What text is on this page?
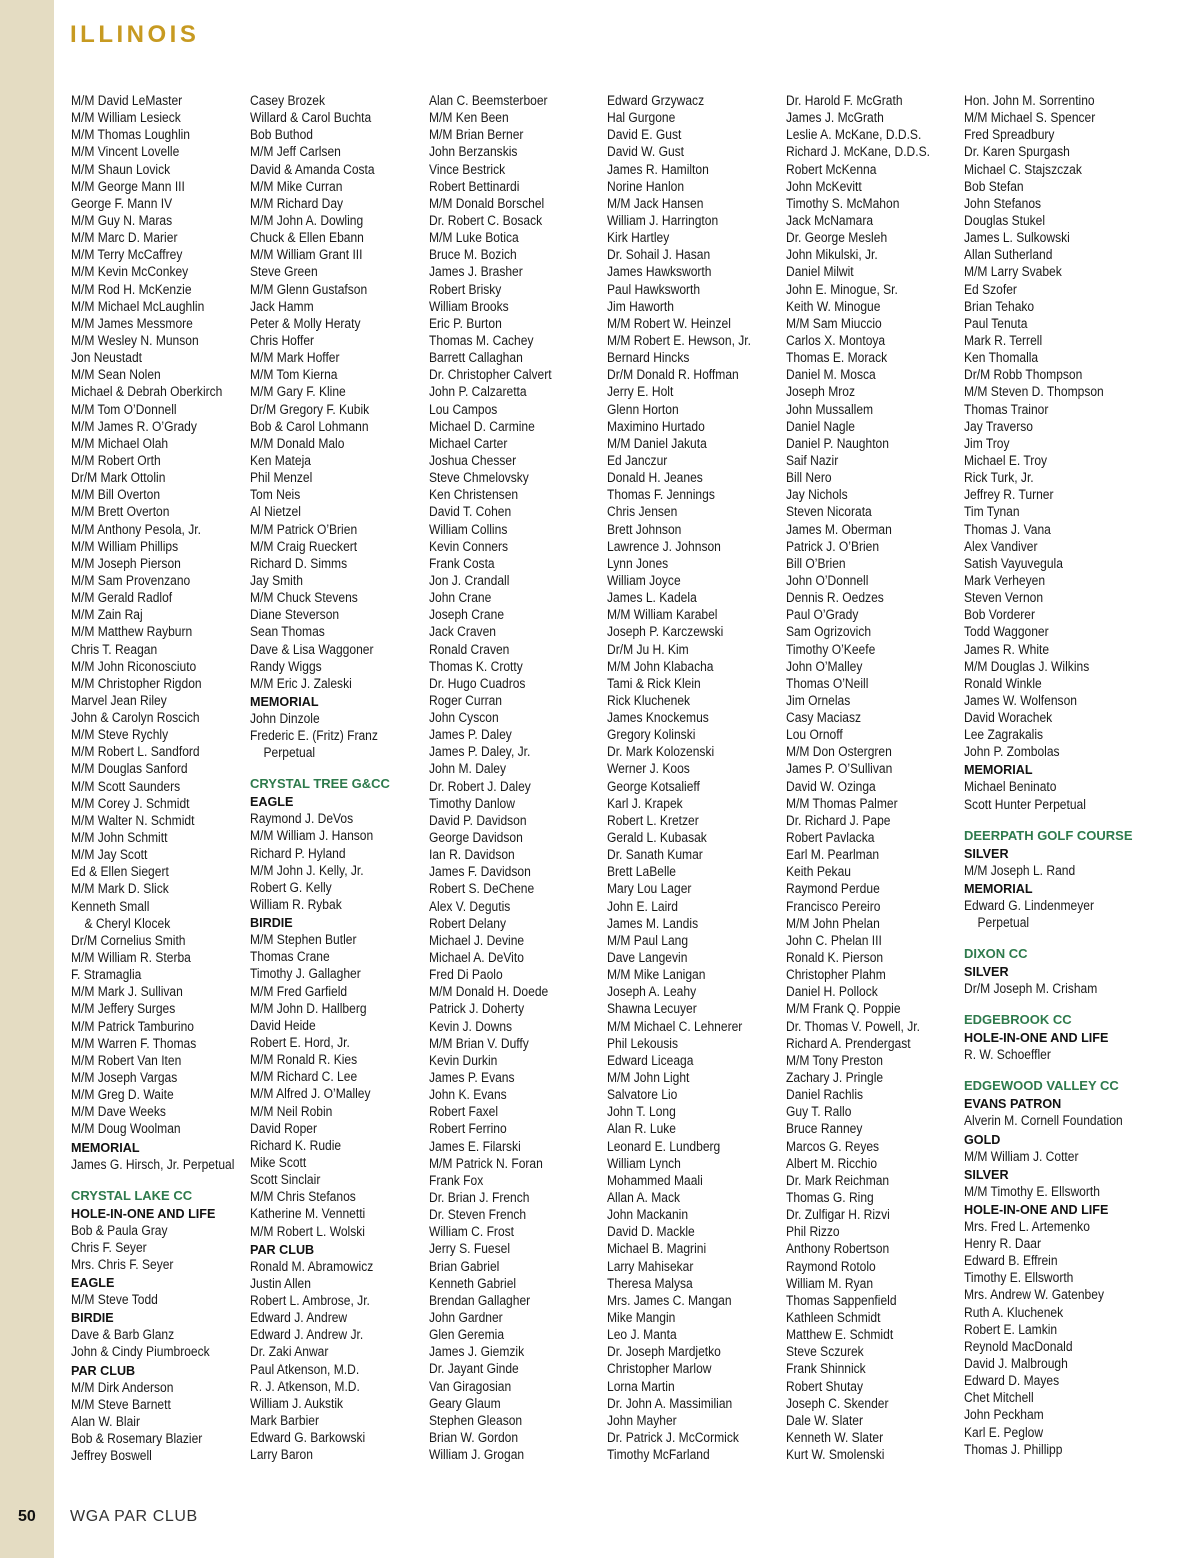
ILLINOIS
M/M David LeMaster
M/M William Lesieck
M/M Thomas Loughlin
M/M Vincent Lovelle
M/M Shaun Lovick
M/M George Mann III
George F. Mann IV
M/M Guy N. Maras
M/M Marc D. Marier
M/M Terry McCaffrey
M/M Kevin McConkey
M/M Rod H. McKenzie
M/M Michael McLaughlin
M/M James Messmore
M/M Wesley N. Munson
Jon Neustadt
M/M Sean Nolen
Michael & Debrah Oberkirch
M/M Tom O’Donnell
M/M James R. O’Grady
M/M Michael Olah
M/M Robert Orth
Dr/M Mark Ottolin
M/M Bill Overton
M/M Brett Overton
M/M Anthony Pesola, Jr.
M/M William Phillips
M/M Joseph Pierson
M/M Sam Provenzano
M/M Gerald Radlof
M/M Zain Raj
M/M Matthew Rayburn
Chris T. Reagan
M/M John Riconosciuto
M/M Christopher Rigdon
Marvel Jean Riley
John & Carolyn Roscich
M/M Steve Rychly
M/M Robert L. Sandford
M/M Douglas Sanford
M/M Scott Saunders
M/M Corey J. Schmidt
M/M Walter N. Schmidt
M/M John Schmitt
M/M Jay Scott
Ed & Ellen Siegert
M/M Mark D. Slick
Kenneth Small
& Cheryl Klocek
Dr/M Cornelius Smith
M/M William R. Sterba
F. Stramaglia
M/M Mark J. Sullivan
M/M Jeffery Surges
M/M Patrick Tamburino
M/M Warren F. Thomas
M/M Robert Van Iten
M/M Joseph Vargas
M/M Greg D. Waite
M/M Dave Weeks
M/M Doug Woolman
MEMORIAL
James G. Hirsch, Jr. Perpetual
CRYSTAL LAKE CC
HOLE-IN-ONE AND LIFE
Bob & Paula Gray
Chris F. Seyer
Mrs. Chris F. Seyer
EAGLE
M/M Steve Todd
BIRDIE
Dave & Barb Glanz
John & Cindy Piumbroeck
PAR CLUB
M/M Dirk Anderson
M/M Steve Barnett
Alan W. Blair
Bob & Rosemary Blazier
Jeffrey Boswell
Casey Brozek
Willard & Carol Buchta
Bob Buthod
M/M Jeff Carlsen
David & Amanda Costa
M/M Mike Curran
M/M Richard Day
M/M John A. Dowling
Chuck & Ellen Ebann
M/M William Grant III
Steve Green
M/M Glenn Gustafson
Jack Hamm
Peter & Molly Heraty
Chris Hoffer
M/M Mark Hoffer
M/M Tom Kierna
M/M Gary F. Kline
Dr/M Gregory F. Kubik
Bob & Carol Lohmann
M/M Donald Malo
Ken Mateja
Phil Menzel
Tom Neis
Al Nietzel
M/M Patrick O’Brien
M/M Craig Rueckert
Richard D. Simms
Jay Smith
M/M Chuck Stevens
Diane Steverson
Sean Thomas
Dave & Lisa Waggoner
Randy Wiggs
M/M Eric J. Zaleski
MEMORIAL
John Dinzole
Frederic E. (Fritz) Franz
Perpetual
CRYSTAL TREE G&CC
EAGLE
Raymond J. DeVos
M/M William J. Hanson
Richard P. Hyland
M/M John J. Kelly, Jr.
Robert G. Kelly
William R. Rybak
BIRDIE
M/M Stephen Butler
Thomas Crane
Timothy J. Gallagher
M/M Fred Garfield
M/M John D. Hallberg
David Heide
Robert E. Hord, Jr.
M/M Ronald R. Kies
M/M Richard C. Lee
M/M Alfred J. O’Malley
M/M Neil Robin
David Roper
Richard K. Rudie
Mike Scott
Scott Sinclair
M/M Chris Stefanos
Katherine M. Vennetti
M/M Robert L. Wolski
PAR CLUB
Ronald M. Abramowicz
Justin Allen
Robert L. Ambrose, Jr.
Edward J. Andrew
Edward J. Andrew Jr.
Dr. Zaki Anwar
Paul Atkenson, M.D.
R. J. Atkenson, M.D.
William J. Aukstik
Mark Barbier
Edward G. Barkowski
Larry Baron
Alan C. Beemsterboer
M/M Ken Been
M/M Brian Berner
John Berzanskis
Vince Bestrick
Robert Bettinardi
M/M Donald Borschel
Dr. Robert C. Bosack
M/M Luke Botica
Bruce M. Bozich
James J. Brasher
Robert Brisky
William Brooks
Eric P. Burton
Thomas M. Cachey
Barrett Callaghan
Dr. Christopher Calvert
John P. Calzaretta
Lou Campos
Michael D. Carmine
Michael Carter
Joshua Chesser
Steve Chmelovsky
Ken Christensen
David T. Cohen
William Collins
Kevin Conners
Frank Costa
Jon J. Crandall
John Crane
Joseph Crane
Jack Craven
Ronald Craven
Thomas K. Crotty
Dr. Hugo Cuadros
Roger Curran
John Cyscon
James P. Daley
James P. Daley, Jr.
John M. Daley
Dr. Robert J. Daley
Timothy Danlow
David P. Davidson
George Davidson
Ian R. Davidson
James F. Davidson
Robert S. DeChene
Alex V. Degutis
Robert Delany
Michael J. Devine
Michael A. DeVito
Fred Di Paolo
M/M Donald H. Doede
Patrick J. Doherty
Kevin J. Downs
M/M Brian V. Duffy
Kevin Durkin
James P. Evans
John K. Evans
Robert Faxel
Robert Ferrino
James E. Filarski
M/M Patrick N. Foran
Frank Fox
Dr. Brian J. French
Dr. Steven French
William C. Frost
Jerry S. Fuesel
Brian Gabriel
Kenneth Gabriel
Brendan Gallagher
John Gardner
Glen Geremia
James J. Giemzik
Dr. Jayant Ginde
Van Giragosian
Geary Glaum
Stephen Gleason
Brian W. Gordon
William J. Grogan
Edward Grzywacz
Hal Gurgone
David E. Gust
David W. Gust
James R. Hamilton
Norine Hanlon
M/M Jack Hansen
William J. Harrington
Kirk Hartley
Dr. Sohail J. Hasan
James Hawksworth
Paul Hawksworth
Jim Haworth
M/M Robert W. Heinzel
M/M Robert E. Hewson, Jr.
Bernard Hincks
Dr/M Donald R. Hoffman
Jerry E. Holt
Glenn Horton
Maximino Hurtado
M/M Daniel Jakuta
Ed Janczur
Donald H. Jeanes
Thomas F. Jennings
Chris Jensen
Brett Johnson
Lawrence J. Johnson
Lynn Jones
William Joyce
James L. Kadela
M/M William Karabel
Joseph P. Karczewski
Dr/M Ju H. Kim
M/M John Klabacha
Tami & Rick Klein
Rick Kluchenek
James Knockemus
Gregory Kolinski
Dr. Mark Kolozenski
Werner J. Koos
George Kotsalieff
Karl J. Krapek
Robert L. Kretzer
Gerald L. Kubasak
Dr. Sanath Kumar
Brett LaBelle
Mary Lou Lager
John E. Laird
James M. Landis
M/M Paul Lang
Dave Langevin
M/M Mike Lanigan
Joseph A. Leahy
Shawna Lecuyer
M/M Michael C. Lehnerer
Phil Lekousis
Edward Liceaga
M/M John Light
Salvatore Lio
John T. Long
Alan R. Luke
Leonard E. Lundberg
William Lynch
Mohammed Maali
Allan A. Mack
John Mackanin
David D. Mackle
Michael B. Magrini
Larry Mahisekar
Theresa Malysa
Mrs. James C. Mangan
Mike Mangin
Leo J. Manta
Dr. Joseph Mardjetko
Christopher Marlow
Lorna Martin
Dr. John A. Massimilian
John Mayher
Dr. Patrick J. McCormick
Timothy McFarland
Dr. Harold F. McGrath
James J. McGrath
Leslie A. McKane, D.D.S.
Richard J. McKane, D.D.S.
Robert McKenna
John McKevitt
Timothy S. McMahon
Jack McNamara
Dr. George Mesleh
John Mikulski, Jr.
Daniel Milwit
John E. Minogue, Sr.
Keith W. Minogue
M/M Sam Miuccio
Carlos X. Montoya
Thomas E. Morack
Daniel M. Mosca
Joseph Mroz
John Mussallem
Daniel Nagle
Daniel P. Naughton
Saif Nazir
Bill Nero
Jay Nichols
Steven Nicorata
James M. Oberman
Patrick J. O’Brien
Bill O’Brien
John O’Donnell
Dennis R. Oedzes
Paul O’Grady
Sam Ogrizovich
Timothy O’Keefe
John O’Malley
Thomas O’Neill
Jim Ornelas
Casy Maciasz
Lou Ornoff
M/M Don Ostergren
James P. O’Sullivan
David W. Ozinga
M/M Thomas Palmer
Dr. Richard J. Pape
Robert Pavlacka
Earl M. Pearlman
Keith Pekau
Raymond Perdue
Francisco Pereiro
M/M John Phelan
John C. Phelan III
Ronald K. Pierson
Christopher Plahm
Daniel H. Pollock
M/M Frank Q. Poppie
Dr. Thomas V. Powell, Jr.
Richard A. Prendergast
M/M Tony Preston
Zachary J. Pringle
Daniel Rachlis
Guy T. Rallo
Bruce Ranney
Marcos G. Reyes
Albert M. Ricchio
Dr. Mark Reichman
Thomas G. Ring
Dr. Zulfigar H. Rizvi
Phil Rizzo
Anthony Robertson
Raymond Rotolo
William M. Ryan
Thomas Sappenfield
Kathleen Schmidt
Matthew E. Schmidt
Steve Sczurek
Frank Shinnick
Robert Shutay
Joseph C. Skender
Dale W. Slater
Kenneth W. Slater
Kurt W. Smolenski
Hon. John M. Sorrentino
M/M Michael S. Spencer
Fred Spreadbury
Dr. Karen Spurgash
Michael C. Stajszczak
Bob Stefan
John Stefanos
Douglas Stukel
James L. Sulkowski
Allan Sutherland
M/M Larry Svabek
Ed Szofer
Brian Tehako
Paul Tenuta
Mark R. Terrell
Ken Thomalla
Dr/M Robb Thompson
M/M Steven D. Thompson
Thomas Trainor
Jay Traverso
Jim Troy
Michael E. Troy
Rick Turk, Jr.
Jeffrey R. Turner
Tim Tynan
Thomas J. Vana
Alex Vandiver
Satish Vayuvegula
Mark Verheyen
Steven Vernon
Bob Vorderer
Todd Waggoner
James R. White
M/M Douglas J. Wilkins
Ronald Winkle
James W. Wolfenson
David Worachek
Lee Zagrakalis
John P. Zombolas
MEMORIAL
Michael Beninato
Scott Hunter Perpetual
DEERPATH GOLF COURSE
SILVER
M/M Joseph L. Rand
MEMORIAL
Edward G. Lindenmeyer
Perpetual
DIXON CC
SILVER
Dr/M Joseph M. Crisham
EDGEBROOK CC
HOLE-IN-ONE AND LIFE
R. W. Schoeffler
EDGEWOOD VALLEY CC
EVANS PATRON
Alverin M. Cornell Foundation
GOLD
M/M William J. Cotter
SILVER
M/M Timothy E. Ellsworth
HOLE-IN-ONE AND LIFE
Mrs. Fred L. Artemenko
Henry R. Daar
Edward B. Effrein
Timothy E. Ellsworth
Mrs. Andrew W. Gatenbey
Ruth A. Kluchenek
Robert E. Lamkin
Reynold MacDonald
David J. Malbrough
Edward D. Mayes
Chet Mitchell
John Peckham
Karl E. Peglow
Thomas J. Phillipp
50 WGA PAR CLUB
